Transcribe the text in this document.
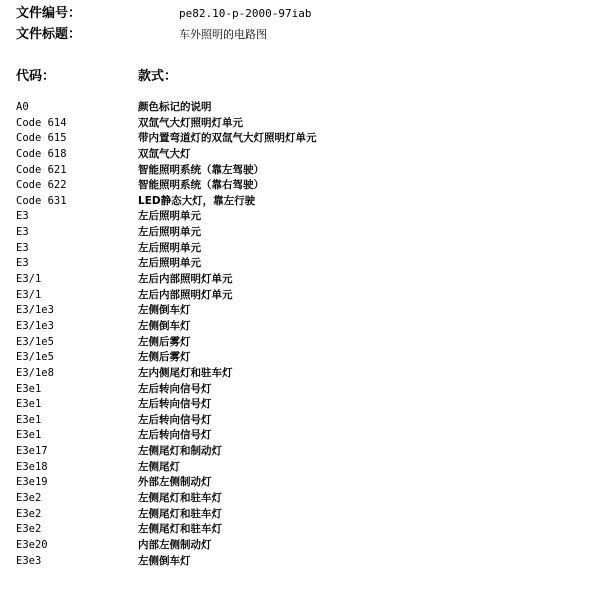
文件编号：	pe82.10-p-2000-97iab
文件标题：	车外照明的电路图
代码：	款式：
A0	颜色标记的说明
Code 614	双氙气大灯照明灯单元
Code 615	带内置弯道灯的双氙气大灯照明灯单元
Code 618	双氙气大灯
Code 621	智能照明系统（靠左驾驶）
Code 622	智能照明系统（靠右驾驶）
Code 631	LED静态大灯，靠左行驶
E3	左后照明单元
E3	左后照明单元
E3	左后照明单元
E3	左后照明单元
E3/1	左后内部照明灯单元
E3/1	左后内部照明灯单元
E3/1e3	左侧倒车灯
E3/1e3	左侧倒车灯
E3/1e5	左侧后雾灯
E3/1e5	左侧后雾灯
E3/1e8	左内侧尾灯和驻车灯
E3e1	左后转向信号灯
E3e1	左后转向信号灯
E3e1	左后转向信号灯
E3e1	左后转向信号灯
E3e17	左侧尾灯和制动灯
E3e18	左侧尾灯
E3e19	外部左侧制动灯
E3e2	左侧尾灯和驻车灯
E3e2	左侧尾灯和驻车灯
E3e2	左侧尾灯和驻车灯
E3e20	内部左侧制动灯
E3e3	左侧倒车灯
